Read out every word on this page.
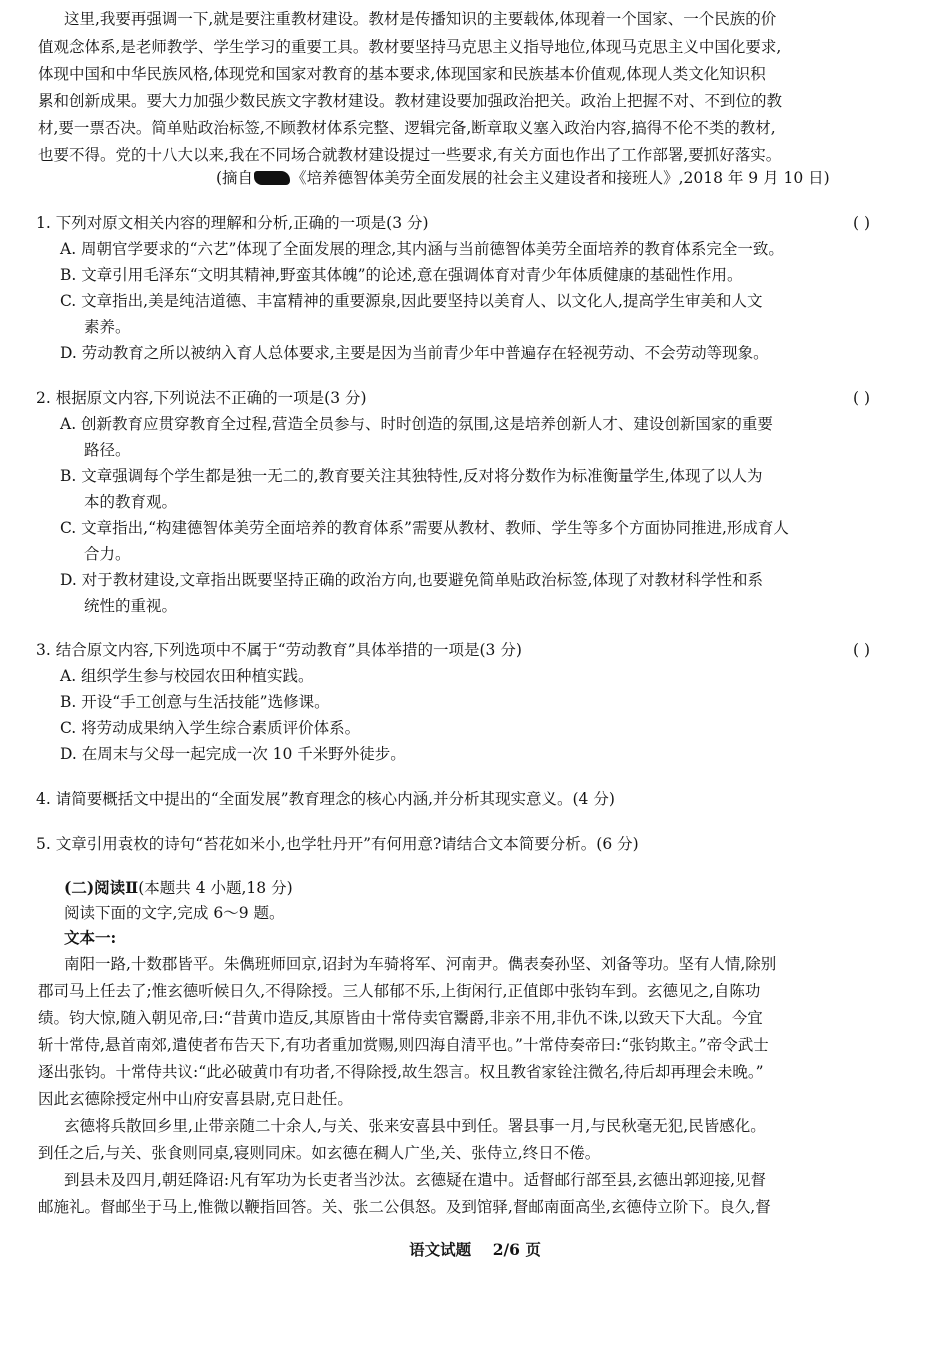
这里,我要再强调一下,就是要注重教材建设。教材是传播知识的主要载体,体现着一个国家、一个民族的价
值观念体系,是老师教学、学生学习的重要工具。教材要坚持马克思主义指导地位,体现马克思主义中国化要求,
体现中国和中华民族风格,体现党和国家对教育的基本要求,体现国家和民族基本价值观,体现人类文化知识积
累和创新成果。要大力加强少数民族文字教材建设。教材建设要加强政治把关。政治上把握不对、不到位的教
材,要一票否决。简单贴政治标签,不顾教材体系完整、逻辑完备,断章取义塞入政治内容,搞得不伦不类的教材,
也要不得。党的十八大以来,我在不同场合就教材建设提过一些要求,有关方面也作出了工作部署,要抓好落实。
(摘自 《培养德智体美劳全面发展的社会主义建设者和接班人》,2018 年 9 月 10 日)
1. 下列对原文相关内容的理解和分析,正确的一项是(3 分)	( )
A. 周朝官学要求的“六艺”体现了全面发展的理念,其内涵与当前德智体美劳全面培养的教育体系完全一致。
B. 文章引用毛泽东“文明其精神,野蛮其体魄”的论述,意在强调体育对青少年体质健康的基础性作用。
C. 文章指出,美是纯洁道德、丰富精神的重要源泉,因此要坚持以美育人、以文化人,提高学生审美和人文
素养。
D. 劳动教育之所以被纳入育人总体要求,主要是因为当前青少年中普遍存在轻视劳动、不会劳动等现象。
2. 根据原文内容,下列说法不正确的一项是(3 分)	( )
A. 创新教育应贯穿教育全过程,营造全员参与、时时创造的氛围,这是培养创新人才、建设创新国家的重要
路径。
B. 文章强调每个学生都是独一无二的,教育要关注其独特性,反对将分数作为标准衡量学生,体现了以人为
本的教育观。
C. 文章指出,“构建德智体美劳全面培养的教育体系”需要从教材、教师、学生等多个方面协同推进,形成育人
合力。
D. 对于教材建设,文章指出既要坚持正确的政治方向,也要避免简单贴政治标签,体现了对教材科学性和系
统性的重视。
3. 结合原文内容,下列选项中不属于“劳动教育”具体举措的一项是(3 分)	( )
A. 组织学生参与校园农田种植实践。
B. 开设“手工创意与生活技能”选修课。
C. 将劳动成果纳入学生综合素质评价体系。
D. 在周末与父母一起完成一次 10 千米野外徒步。
4. 请简要概括文中提出的“全面发展”教育理念的核心内涵,并分析其现实意义。(4 分)
5. 文章引用袁枚的诗句“苔花如米小,也学牡丹开”有何用意?请结合文本简要分析。(6 分)
(二)阅读Ⅱ(本题共 4 小题,18 分)
阅读下面的文字,完成 6～9 题。
文本一:
南阳一路,十数郡皆平。朱儁班师回京,诏封为车骑将军、河南尹。儁表奏孙坚、刘备等功。坚有人情,除别
郡司马上任去了;惟玄德听候日久,不得除授。三人郁郁不乐,上街闲行,正值郎中张钧车到。玄德见之,自陈功
绩。钧大惊,随入朝见帝,曰:“昔黄巾造反,其原皆由十常侍卖官鬻爵,非亲不用,非仇不诛,以致天下大乱。今宜
斩十常侍,悬首南郊,遣使者布告天下,有功者重加赏赐,则四海自清平也。”十常侍奏帝曰:“张钧欺主。”帝令武士
逐出张钧。十常侍共议:“此必破黄巾有功者,不得除授,故生怨言。权且教省家铨注微名,待后却再理会未晚。”
因此玄德除授定州中山府安喜县尉,克日赴任。
玄德将兵散回乡里,止带亲随二十余人,与关、张来安喜县中到任。署县事一月,与民秋毫无犯,民皆感化。
到任之后,与关、张食则同桌,寝则同床。如玄德在稠人广坐,关、张侍立,终日不倦。
到县未及四月,朝廷降诏:凡有军功为长吏者当沙汰。玄德疑在遣中。适督邮行部至县,玄德出郭迎接,见督
邮施礼。督邮坐于马上,惟微以鞭指回答。关、张二公俱怒。及到馆驿,督邮南面高坐,玄德侍立阶下。良久,督
语文试题 2/6 页
